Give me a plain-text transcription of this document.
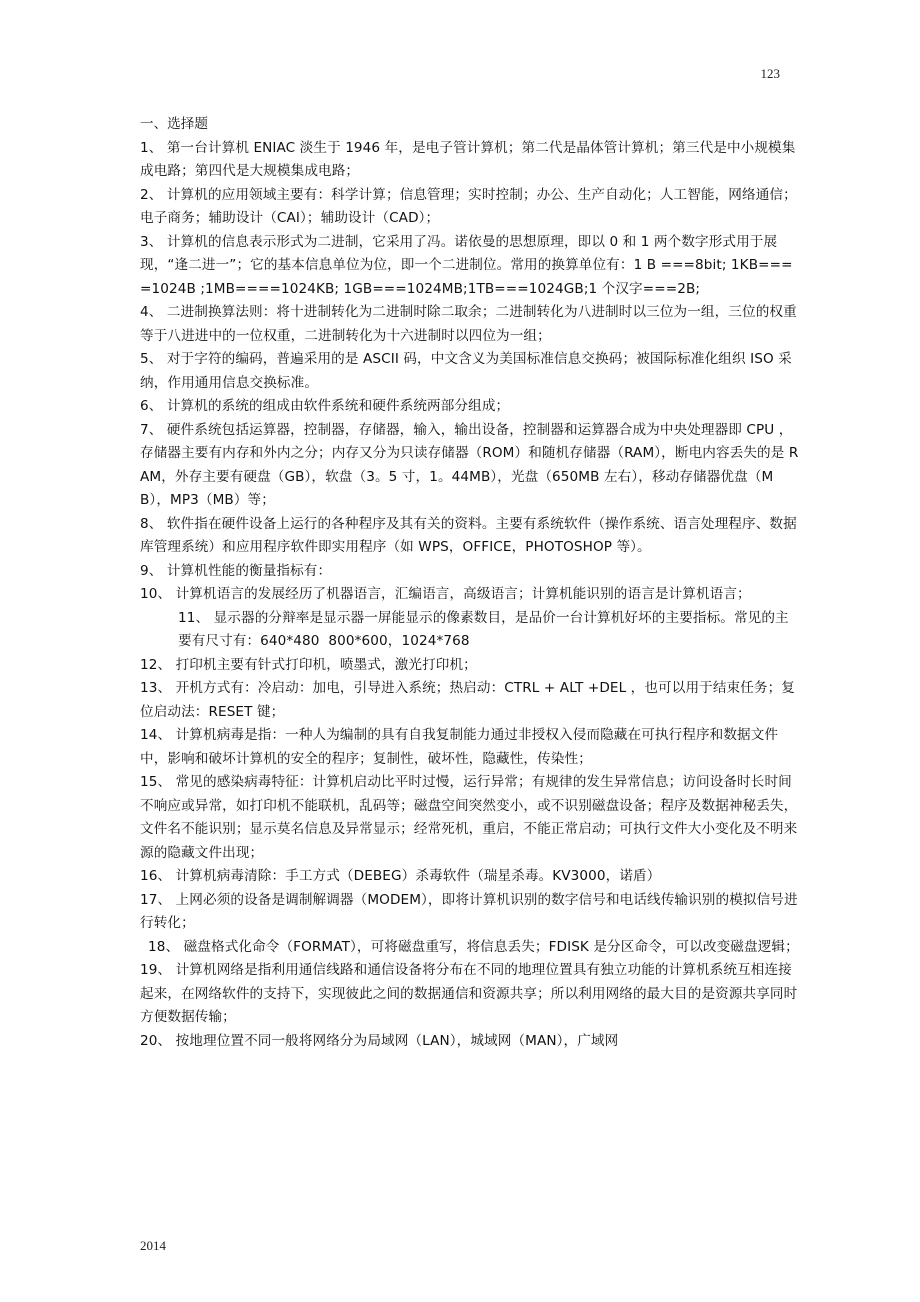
123
一、选择题
1、 第一台计算机 ENIAC 淡生于 1946 年，是电子管计算机；第二代是晶体管计算机；第三代是中小规模集成电路；第四代是大规模集成电路；
2、 计算机的应用领域主要有：科学计算；信息管理；实时控制；办公、生产自动化；人工智能，网络通信；电子商务；辅助设计（CAI）；辅助设计（CAD）；
3、 计算机的信息表示形式为二进制，它采用了冯。诺依曼的思想原理，即以 0 和 1 两个数字形式用于展现，“逢二进一”；它的基本信息单位为位，即一个二进制位。常用的换算单位有：1 B ===8bit; 1KB====1024B ;1MB====1024KB; 1GB===1024MB;1TB===1024GB;1 个汉字===2B;
4、 二进制换算法则：将十进制转化为二进制时除二取余；二进制转化为八进制时以三位为一组，三位的权重等于八进进中的一位权重，二进制转化为十六进制时以四位为一组；
5、 对于字符的编码，普遍采用的是 ASCII 码，中文含义为美国标准信息交换码；被国际标准化组织 ISO 采纳，作用通用信息交换标准。
6、 计算机的系统的组成由软件系统和硬件系统两部分组成；
7、 硬件系统包括运算器，控制器，存储器，输入，输出设备，控制器和运算器合成为中央处理器即 CPU ，存储器主要有内存和外内之分；内存又分为只读存储器（ROM）和随机存储器（RAM），断电内容丢失的是 RAM，外存主要有硬盘（GB），软盘（3。5 寸，1。44MB），光盘（650MB 左右），移动存储器优盘（MB），MP3（MB）等；
8、 软件指在硬件设备上运行的各种程序及其有关的资料。主要有系统软件（操作系统、语言处理程序、数据库管理系统）和应用程序软件即实用程序（如 WPS，OFFICE，PHOTOSHOP 等）。
9、 计算机性能的衡量指标有：
10、 计算机语言的发展经历了机器语言，汇编语言，高级语言；计算机能识别的语言是计算机语言；
11、 显示器的分辩率是显示器一屏能显示的像素数目，是品价一台计算机好坏的主要指标。常见的主要有尺寸有：640*480  800*600，1024*768
12、 打印机主要有针式打印机，喷墨式，激光打印机；
13、 开机方式有：冷启动：加电，引导进入系统；热启动：CTRL + ALT +DEL ，也可以用于结束任务；复位启动法：RESET 键；
14、 计算机病毒是指：一种人为编制的具有自我复制能力通过非授权入侵而隐藏在可执行程序和数据文件中，影响和破坏计算机的安全的程序；复制性，破坏性，隐藏性，传染性；
15、 常见的感染病毒特征：计算机启动比平时过慢，运行异常；有规律的发生异常信息；访问设备时长时间不响应或异常，如打印机不能联机，乱码等；磁盘空间突然变小，或不识别磁盘设备；程序及数据神秘丢失，文件名不能识别；显示莫名信息及异常显示；经常死机，重启，不能正常启动；可执行文件大小变化及不明来源的隐藏文件出现；
16、 计算机病毒清除：手工方式（DEBEG）杀毒软件（瑞星杀毒。KV3000，诺盾）
17、 上网必须的设备是调制解调器（MODEM），即将计算机识别的数字信号和电话线传输识别的模拟信号进行转化；
18、 磁盘格式化命令（FORMAT），可将磁盘重写，将信息丢失；FDISK 是分区命令，可以改变磁盘逻辑；
19、 计算机网络是指利用通信线路和通信设备将分布在不同的地理位置具有独立功能的计算机系统互相连接起来，在网络软件的支持下，实现彼此之间的数据通信和资源共享；所以利用网络的最大目的是资源共享同时方便数据传输；
20、 按地理位置不同一般将网络分为局域网（LAN），城域网（MAN），广域网
2014
